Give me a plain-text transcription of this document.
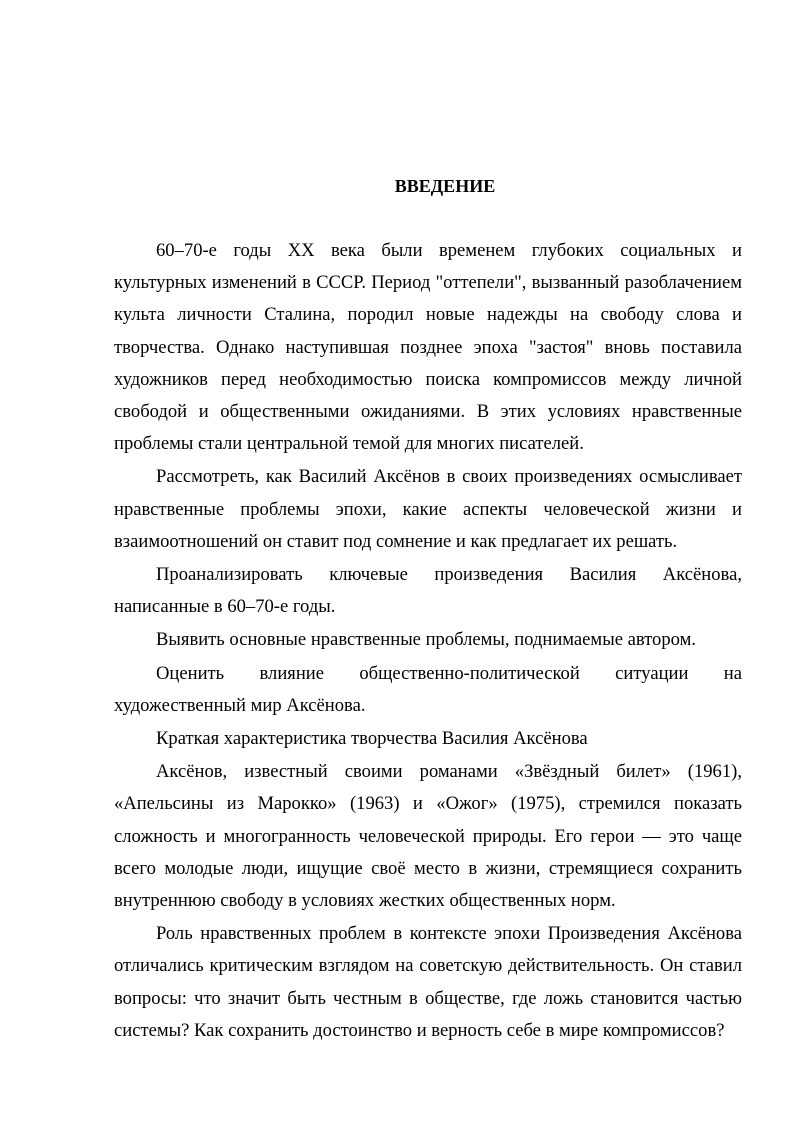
ВВЕДЕНИЕ

60–70-е годы XX века были временем глубоких социальных и культурных изменений в СССР. Период "оттепели", вызванный разоблачением культа личности Сталина, породил новые надежды на свободу слова и творчества. Однако наступившая позднее эпоха "застоя" вновь поставила художников перед необходимостью поиска компромиссов между личной свободой и общественными ожиданиями. В этих условиях нравственные проблемы стали центральной темой для многих писателей.

Рассмотреть, как Василий Аксёнов в своих произведениях осмысливает нравственные проблемы эпохи, какие аспекты человеческой жизни и взаимоотношений он ставит под сомнение и как предлагает их решать.

Проанализировать ключевые произведения Василия Аксёнова, написанные в 60–70-е годы.

Выявить основные нравственные проблемы, поднимаемые автором.

Оценить влияние общественно-политической ситуации на художественный мир Аксёнова.

Краткая характеристика творчества Василия Аксёнова

Аксёнов, известный своими романами «Звёздный билет» (1961), «Апельсины из Марокко» (1963) и «Ожог» (1975), стремился показать сложность и многогранность человеческой природы. Его герои — это чаще всего молодые люди, ищущие своё место в жизни, стремящиеся сохранить внутреннюю свободу в условиях жестких общественных норм.

Роль нравственных проблем в контексте эпохи Произведения Аксёнова отличались критическим взглядом на советскую действительность. Он ставил вопросы: что значит быть честным в обществе, где ложь становится частью системы? Как сохранить достоинство и верность себе в мире компромиссов?
